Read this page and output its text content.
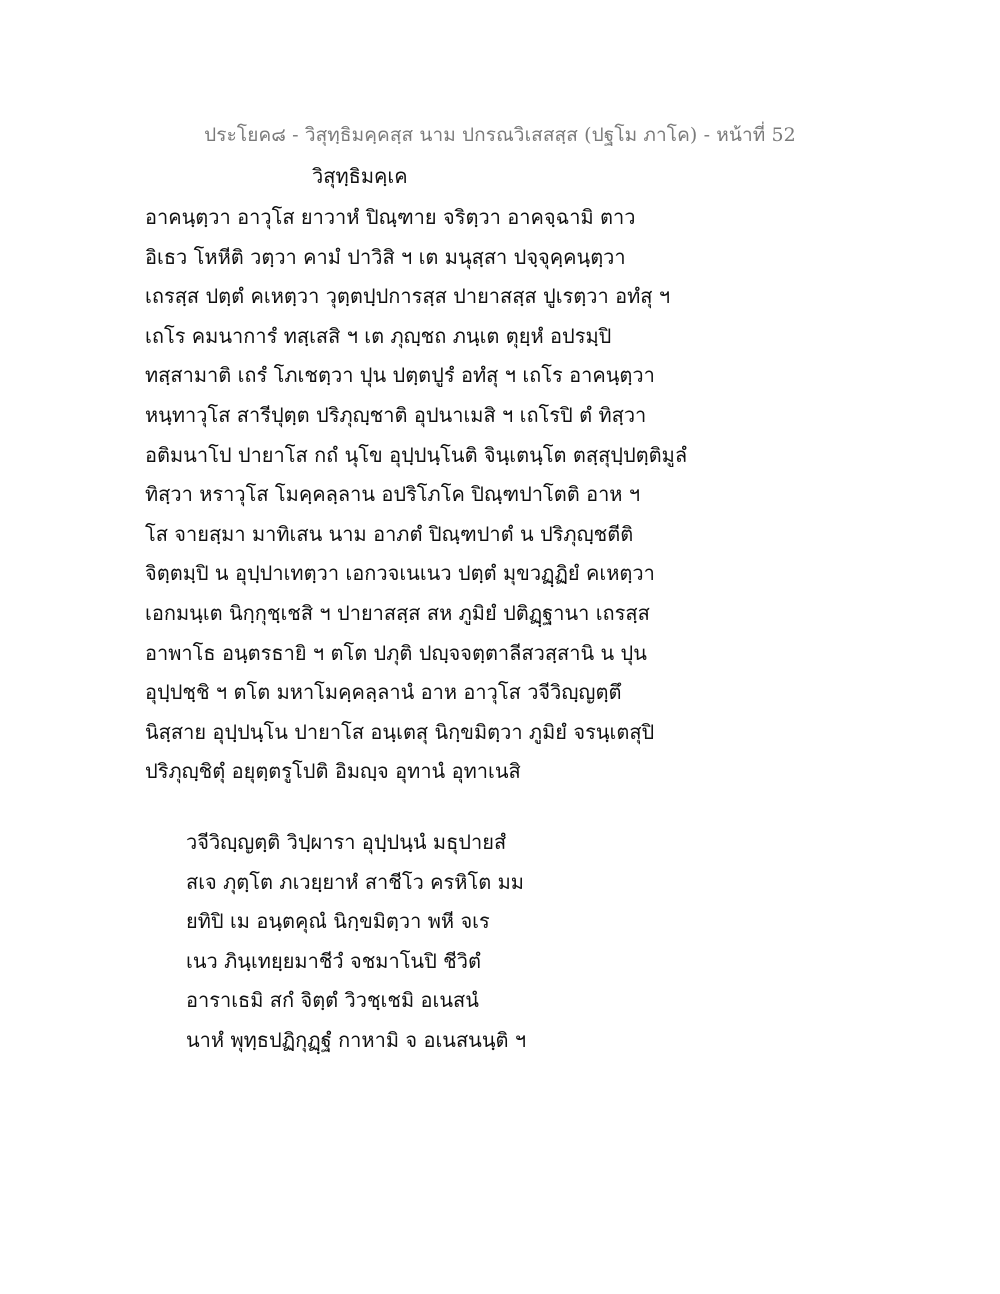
ประโยค๘ - วิสุทฺธิมคฺคสฺส นาม ปกรณวิเสสสฺส (ปฐโม ภาโค) - หน้าที่ 52
วิสุทฺธิมคฺเค
อาคนฺตฺวา อาวุโส ยาวาหํ ปิณฺฑาย จริตฺวา อาคจฺฉามิ ตาว
อิเธว โหหีติ วตฺวา คามํ ปาวิสิ ฯ เต มนุสฺสา ปจฺจุคฺคนฺตฺวา
เถรสฺส ปตฺตํ คเหตฺวา วุตฺตปฺปการสฺส ปายาสสฺส ปูเรตฺวา อทํสุ ฯ
เถโร คมนาการํ ทสฺเสสิ ฯ เต ภุญฺชถ ภนฺเต ตุยฺหํ อปรมฺปิ
ทสฺสามาติ เถรํ โภเชตฺวา ปุน ปตฺตปูรํ อทํสุ ฯ เถโร อาคนฺตฺวา
หนฺทาวุโส สารีปุตฺต ปริภุญฺชาติ อุปนาเมสิ ฯ เถโรปิ ตํ ทิสฺวา
อติมนาโป ปายาโส กถํ นุโข อุปฺปนฺโนติ จินฺเตนฺโต ตสฺสุปฺปตฺติมูลํ
ทิสฺวา หราวุโส โมคฺคลฺลาน อปริโภโค ปิณฺฑปาโตติ อาห ฯ
โส จายสฺมา มาทิเสน นาม อาภตํ ปิณฺฑปาตํ น ปริภุญฺชตีติ
จิตฺตมฺปิ น อุปฺปาเทตฺวา เอกวจเนเนว ปตฺตํ มุขวฏฺฏิยํ คเหตฺวา
เอกมนฺเต นิกฺกุชฺเชสิ ฯ ปายาสสฺส สห ภูมิยํ ปติฏฺฐานา เถรสฺส
อาพาโธ อนฺตรธายิ ฯ ตโต ปภุติ ปญฺจจตฺตาลีสวสฺสานิ น ปุน
อุปฺปชฺชิ ฯ ตโต มหาโมคฺคลฺลานํ อาห อาวุโส วจีวิญฺญตฺตึ
นิสฺสาย อุปฺปนฺโน ปายาโส อนฺเตสุ นิกฺขมิตฺวา ภูมิยํ จรนฺเตสุปิ
ปริภุญฺชิตุํ อยุตฺตรูโปติ อิมญฺจ อุทานํ อุทาเนสิ
วจีวิญฺญตฺติ วิปฺผารา อุปฺปนฺนํ มธุปายสํ
สเจ ภุตฺโต ภเวยฺยาหํ สาชีโว ครหิโต มม
ยทิปิ เม อนฺตคุณํ นิกฺขมิตฺวา พหี จเร
เนว ภินฺเทยฺยมาชีวํ จชมาโนปิ ชีวิตํ
อาราเธมิ สกํ จิตฺตํ วิวชฺเชมิ อเนสนํ
นาหํ พุทฺธปฏิกุฏฺฐํ กาหามิ จ อเนสนนฺติ ฯ
